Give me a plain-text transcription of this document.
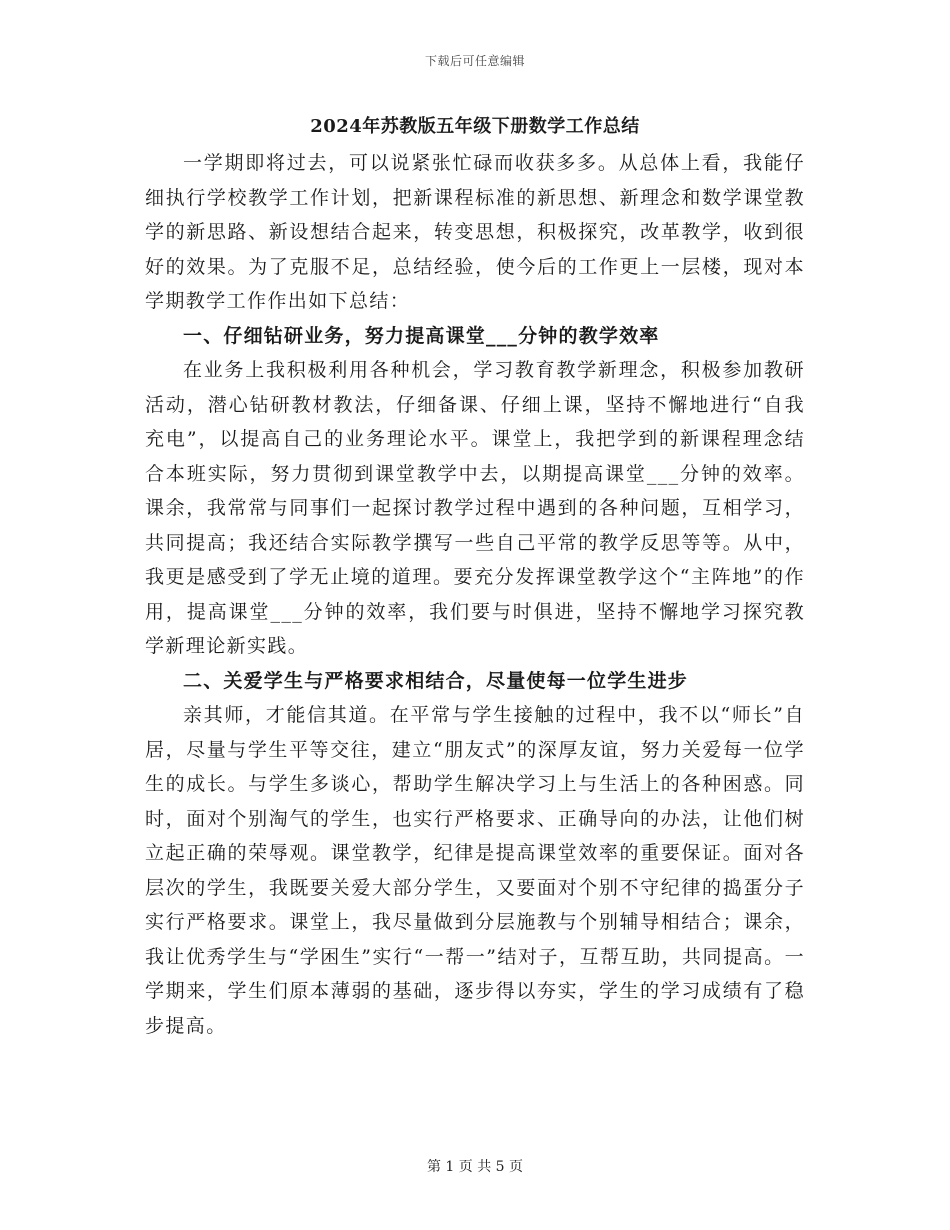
下载后可任意编辑
2024年苏教版五年级下册数学工作总结

一学期即将过去，可以说紧张忙碌而收获多多。从总体上看，我能仔细执行学校教学工作计划，把新课程标准的新思想、新理念和数学课堂教学的新思路、新设想结合起来，转变思想，积极探究，改革教学，收到很好的效果。为了克服不足，总结经验，使今后的工作更上一层楼，现对本学期教学工作作出如下总结：

一、仔细钻研业务，努力提高课堂___分钟的教学效率

在业务上我积极利用各种机会，学习教育教学新理念，积极参加教研活动，潜心钻研教材教法，仔细备课、仔细上课，坚持不懈地进行“自我充电”，以提高自己的业务理论水平。课堂上，我把学到的新课程理念结合本班实际，努力贯彻到课堂教学中去，以期提高课堂___分钟的效率。课余，我常常与同事们一起探讨教学过程中遇到的各种问题，互相学习，共同提高；我还结合实际教学撰写一些自己平常的教学反思等等。从中，我更是感受到了学无止境的道理。要充分发挥课堂教学这个“主阵地”的作用，提高课堂___分钟的效率，我们要与时俱进，坚持不懈地学习探究教学新理论新实践。

二、关爱学生与严格要求相结合，尽量使每一位学生进步

亲其师，才能信其道。在平常与学生接触的过程中，我不以“师长”自居，尽量与学生平等交往，建立“朋友式”的深厚友谊，努力关爱每一位学生的成长。与学生多谈心，帮助学生解决学习上与生活上的各种困惑。同时，面对个别淘气的学生，也实行严格要求、正确导向的办法，让他们树立起正确的荣辱观。课堂教学，纪律是提高课堂效率的重要保证。面对各层次的学生，我既要关爱大部分学生，又要面对个别不守纪律的捣蛋分子实行严格要求。课堂上，我尽量做到分层施教与个别辅导相结合；课余，我让优秀学生与“学困生”实行“一帮一”结对子，互帮互助，共同提高。一学期来，学生们原本薄弱的基础，逐步得以夯实，学生的学习成绩有了稳步提高。

第 1 页 共 5 页
